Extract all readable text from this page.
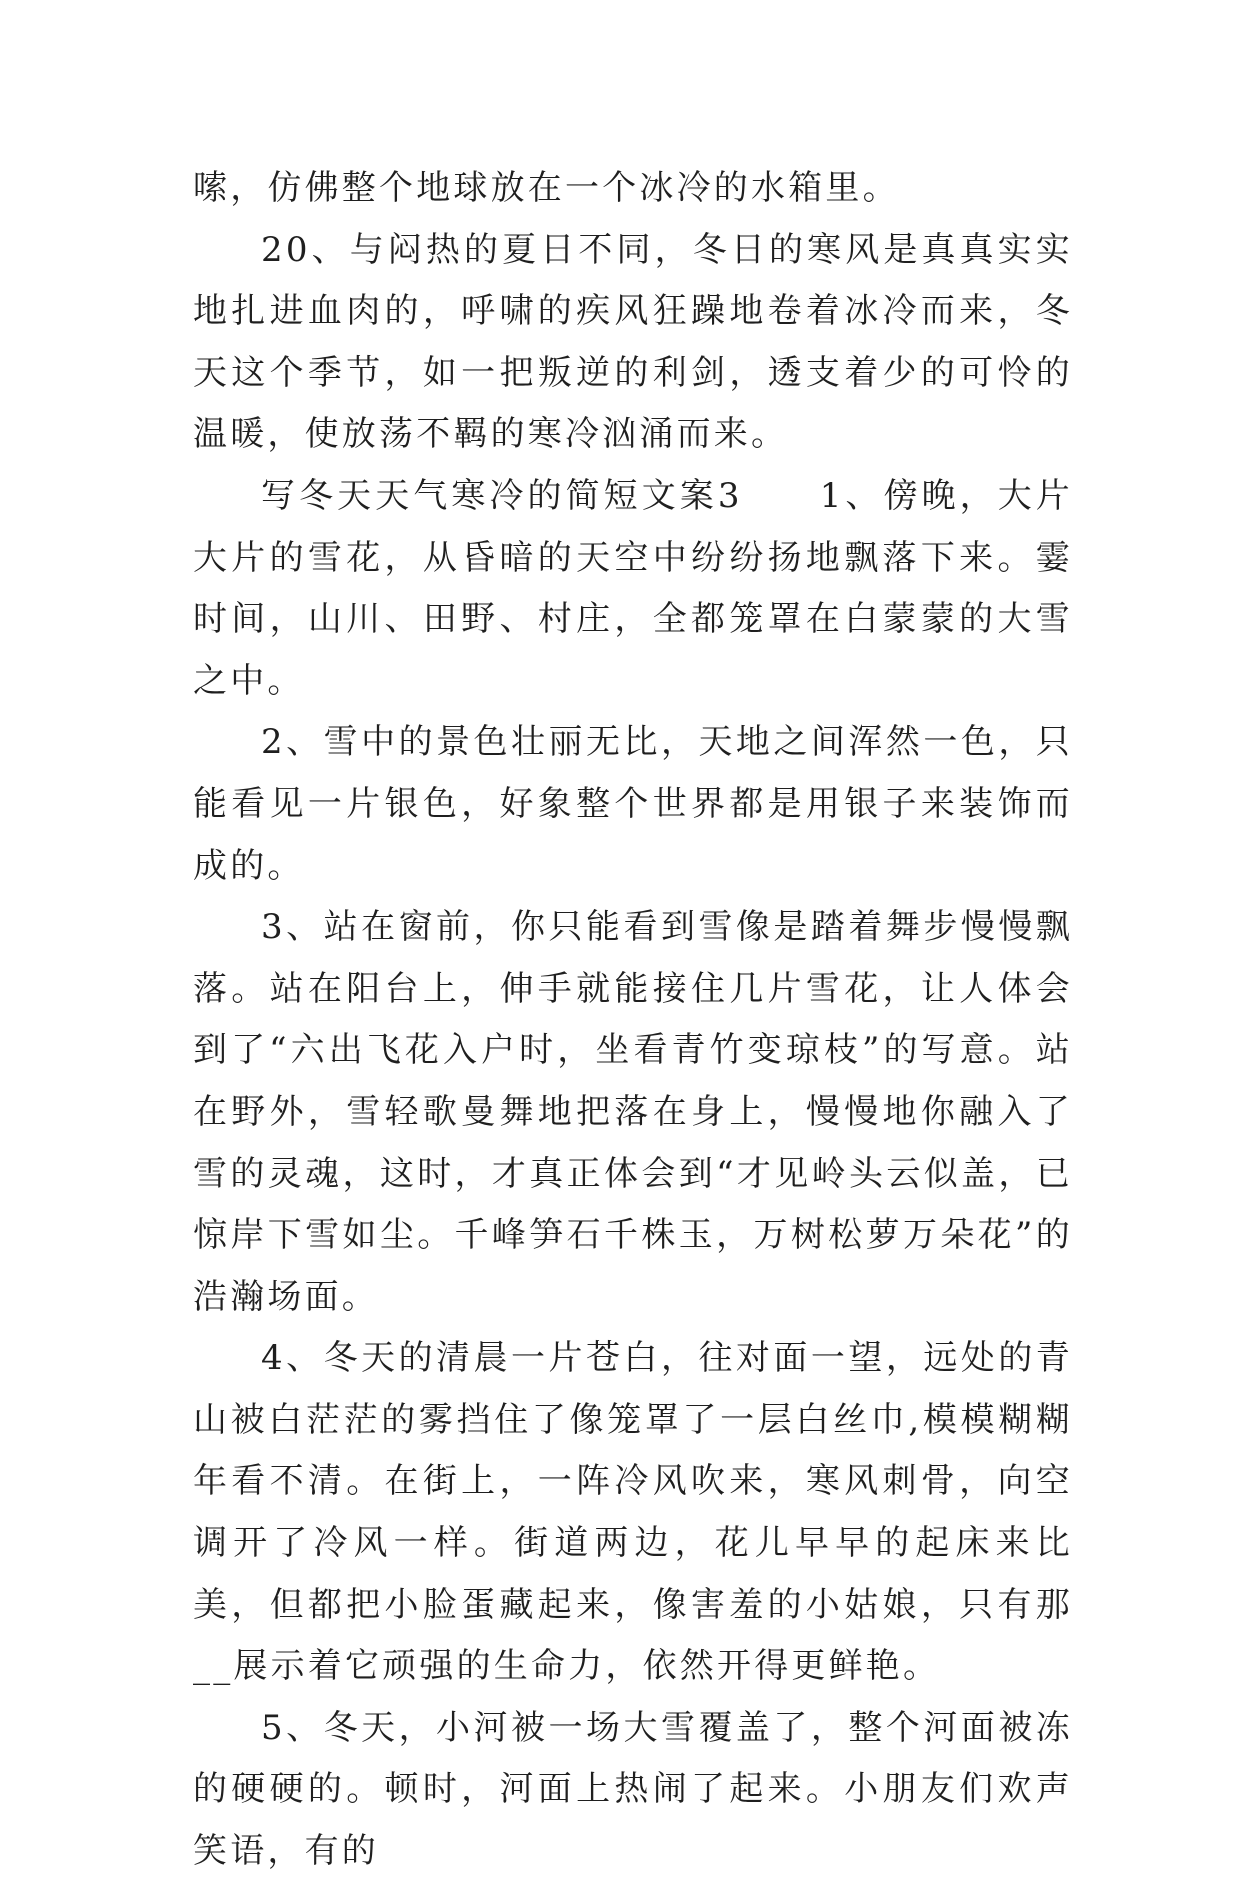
嗦，仿佛整个地球放在一个冰冷的水箱里。

20、与闷热的夏日不同，冬日的寒风是真真实实地扎进血肉的，呼啸的疾风狂躁地卷着冰冷而来，冬天这个季节，如一把叛逆的利剑，透支着少的可怜的温暖，使放荡不羁的寒冷汹涌而来。

写冬天天气寒冷的简短文案3　　1、傍晚，大片大片的雪花，从昏暗的天空中纷纷扬地飘落下来。霎时间，山川、田野、村庄，全都笼罩在白蒙蒙的大雪之中。

2、雪中的景色壮丽无比，天地之间浑然一色，只能看见一片银色，好象整个世界都是用银子来装饰而成的。

3、站在窗前，你只能看到雪像是踏着舞步慢慢飘落。站在阳台上，伸手就能接住几片雪花，让人体会到了“六出飞花入户时，坐看青竹变琼枝”的写意。站在野外，雪轻歌曼舞地把落在身上，慢慢地你融入了雪的灵魂，这时，才真正体会到“才见岭头云似盖，已惊岸下雪如尘。千峰笋石千株玉，万树松萝万朵花”的浩瀚场面。

4、冬天的清晨一片苍白，往对面一望，远处的青山被白茫茫的雾挡住了像笼罩了一层白丝巾,模模糊糊年看不清。在街上，一阵冷风吹来，寒风刺骨，向空调开了冷风一样。街道两边，花儿早早的起床来比美，但都把小脸蛋藏起来，像害羞的小姑娘，只有那__展示着它顽强的生命力，依然开得更鲜艳。

5、冬天，小河被一场大雪覆盖了，整个河面被冻的硬硬的。顿时，河面上热闹了起来。小朋友们欢声笑语，有的
